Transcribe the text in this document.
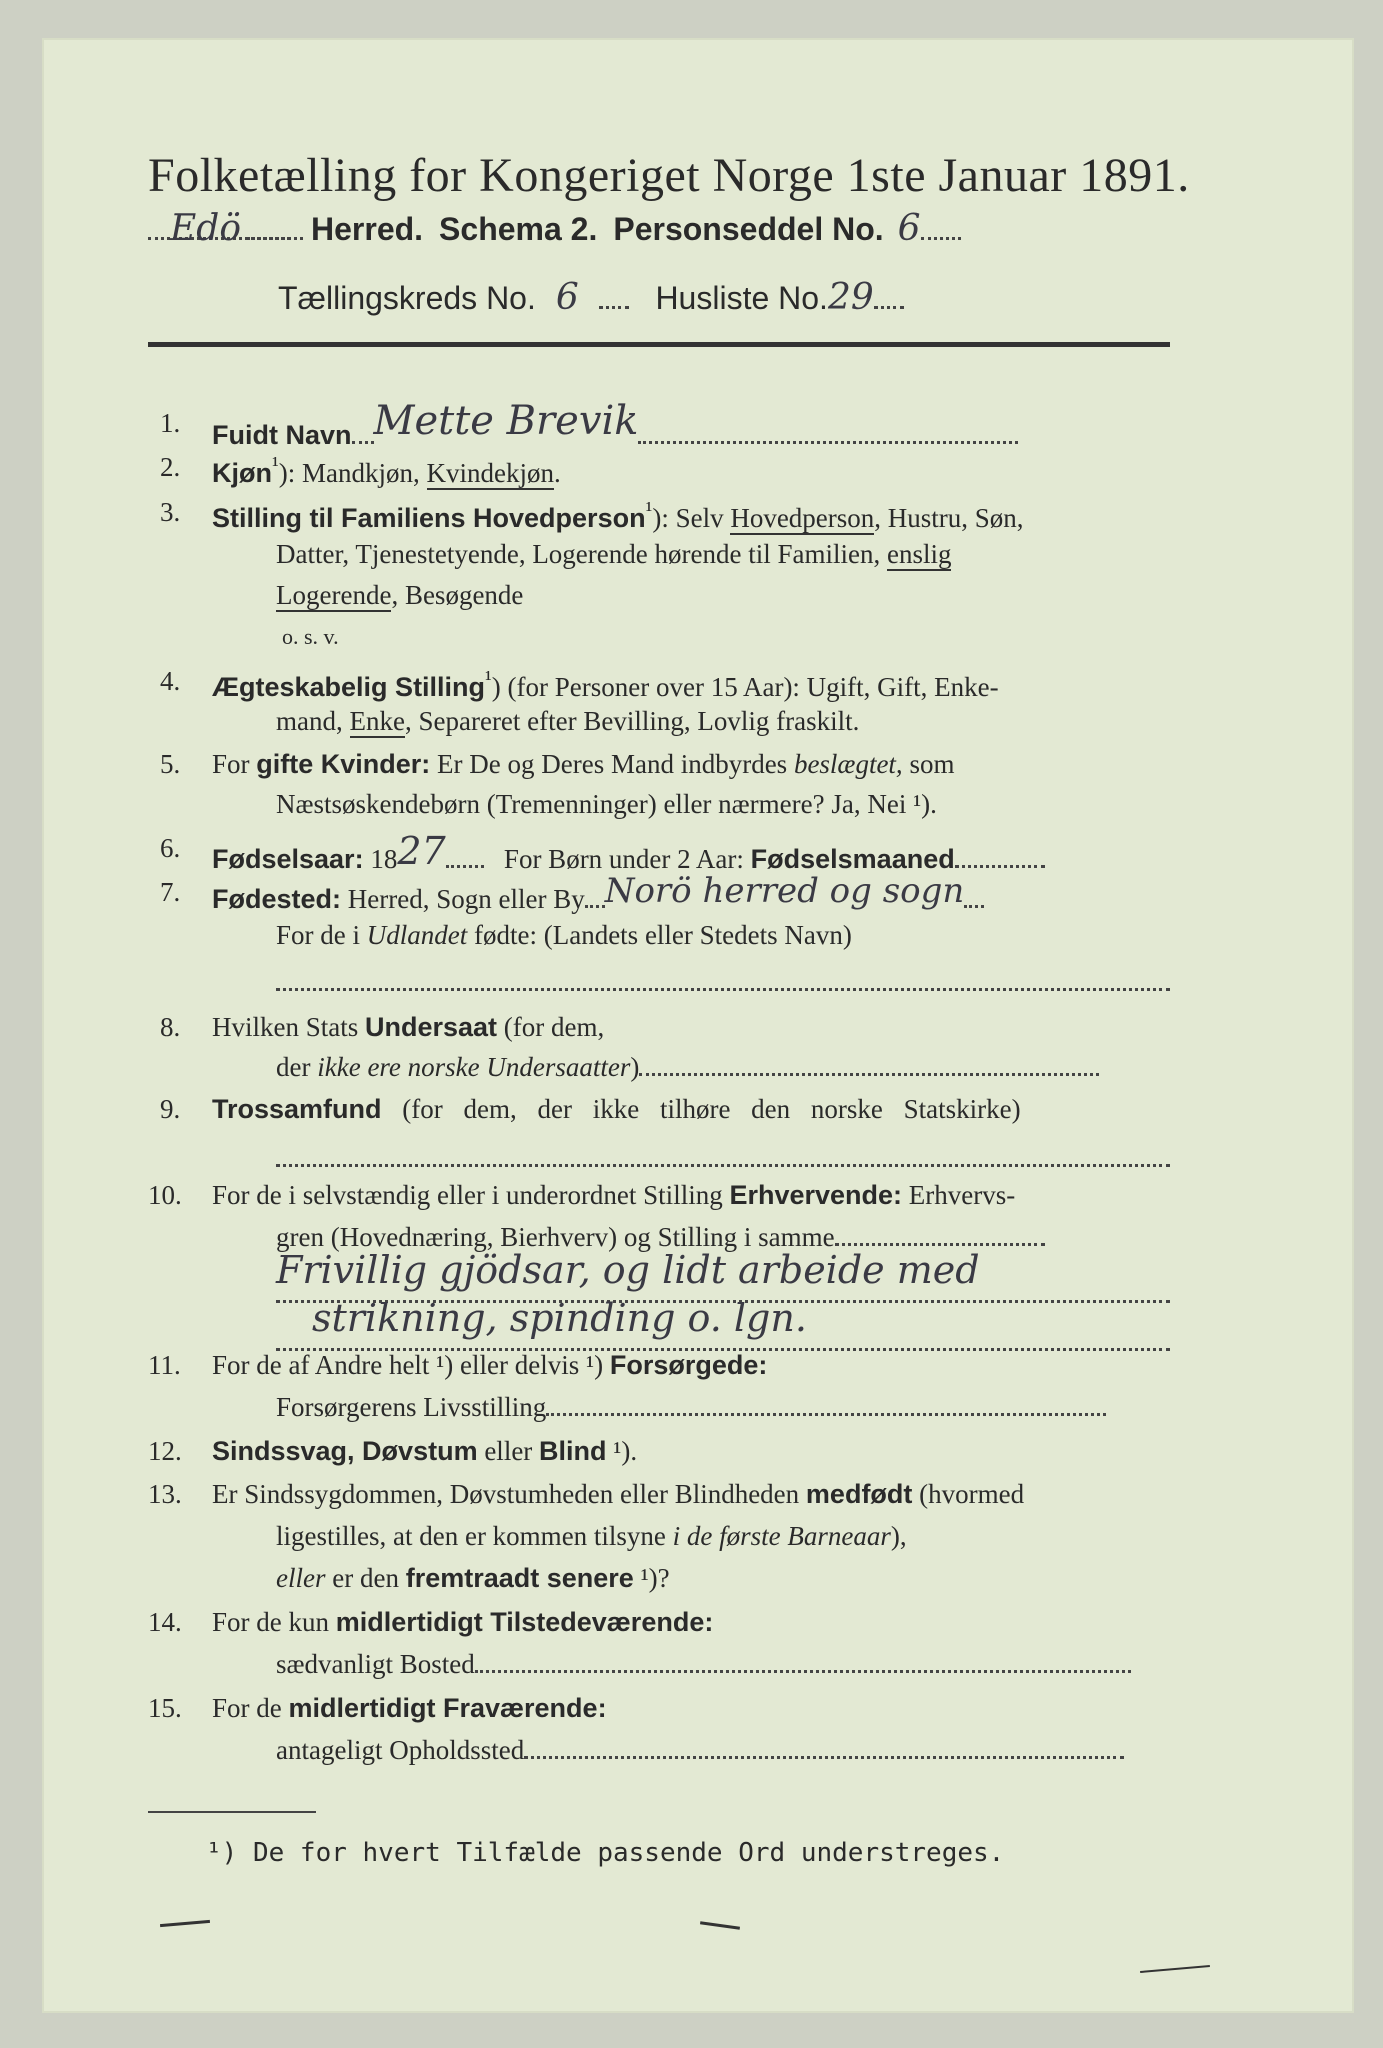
Folketælling for Kongeriget Norge 1ste Januar 1891.
Edö Herred. Schema 2. Personseddel No. 6
Tællingskreds No. 6 Husliste No.29
1. Fuidt Navn Mette Brevik
2. Kjøn$^{^1}$): Mandkjøn, Kvindekjøn.
3. Stilling til Familiens Hovedperson$^{^1}$): Selv Hovedperson, Hustru, Søn,
Datter, Tjenestetyende, Logerende hørende til Familien, enslig
Logerende, Besøgende
o. s. v.
4. Ægteskabelig Stilling$^{^1}$) (for Personer over 15 Aar): Ugift, Gift, Enke-
mand, Enke, Separeret efter Bevilling, Lovlig fraskilt.
5. For gifte Kvinder: Er De og Deres Mand indbyrdes beslægtet, som
Næstsøskendebørn (Tremenninger) eller nærmere? Ja, Nei ¹).
6. Fødselsaar: 1827 For Børn under 2 Aar: Fødselsmaaned
7. Fødested: Herred, Sogn eller By Norö herred og sogn
For de i Udlandet fødte: (Landets eller Stedets Navn)
8. Hvilken Stats Undersaat (for dem,
der ikke ere norske Undersaatter)
9. Trossamfund (for dem, der ikke tilhøre den norske Statskirke)
10. For de i selvstændig eller i underordnet Stilling Erhvervende: Erhvervs-
gren (Hovednæring, Bierhverv) og Stilling i samme
Frivillig gjödsar, og lidt arbeide med
strikning, spinding o. lgn.
11. For de af Andre helt ¹) eller delvis ¹) Forsørgede:
Forsørgerens Livsstilling
12. Sindssvag, Døvstum eller Blind ¹).
13. Er Sindssygdommen, Døvstumheden eller Blindheden medfødt (hvormed
ligestilles, at den er kommen tilsyne i de første Barneaar),
eller er den fremtraadt senere ¹)?
14. For de kun midlertidigt Tilstedeværende:
sædvanligt Bosted
15. For de midlertidigt Fraværende:
antageligt Opholdssted
¹) De for hvert Tilfælde passende Ord understreges.
